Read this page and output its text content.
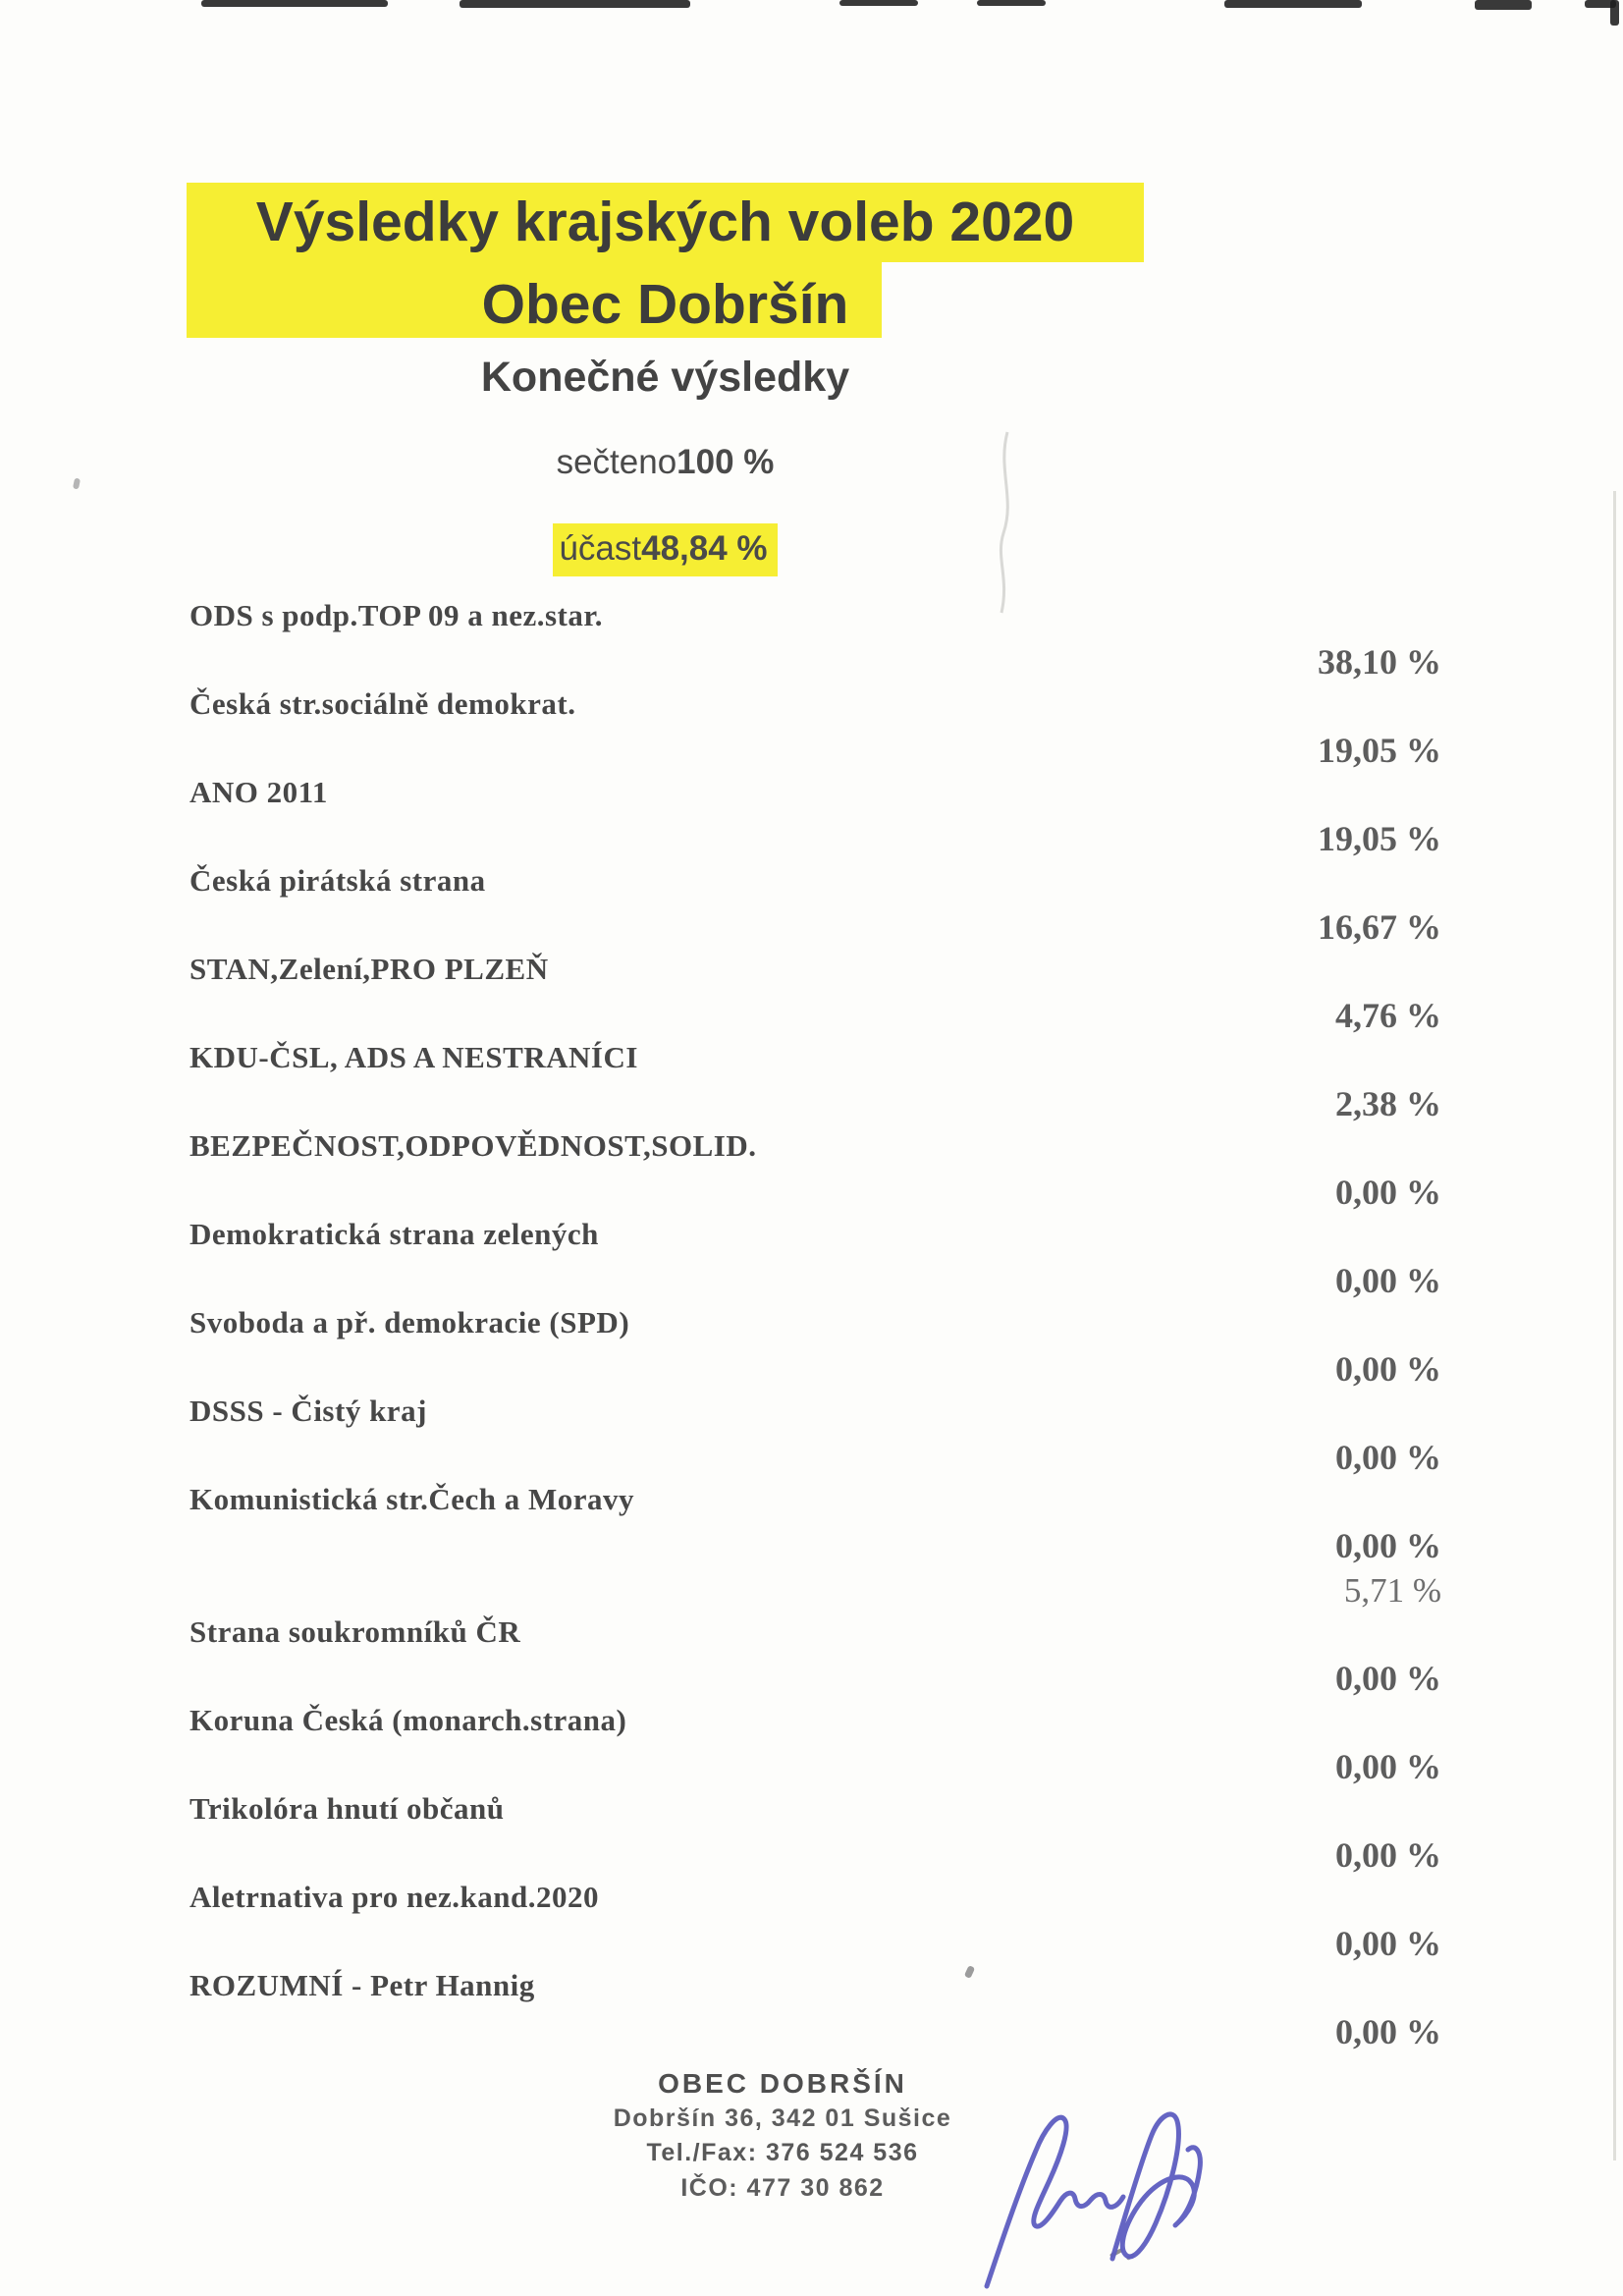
Výsledky krajských voleb 2020
Obec Dobršín
Konečné výsledky
sečteno100 %
účast48,84 %
ODS s podp.TOP 09 a nez.star.
38,10 %
Česká str.sociálně demokrat.
19,05 %
ANO 2011
19,05 %
Česká pirátská strana
16,67 %
STAN,Zelení,PRO PLZEŇ
4,76 %
KDU-ČSL, ADS A NESTRANÍCI
2,38 %
BEZPEČNOST,ODPOVĚDNOST,SOLID.
0,00 %
Demokratická strana zelených
0,00 %
Svoboda a př. demokracie (SPD)
0,00 %
DSSS - Čistý kraj
0,00 %
Komunistická str.Čech a Moravy
0,00 %
5,71 %
Strana soukromníků ČR
0,00 %
Koruna Česká (monarch.strana)
0,00 %
Trikolóra hnutí občanů
0,00 %
Aletrnativa pro nez.kand.2020
0,00 %
ROZUMNÍ - Petr Hannig
0,00 %
OBEC DOBRŠÍN
Dobršín 36, 342 01 Sušice
Tel./Fax: 376 524 536
IČO: 477 30 862
